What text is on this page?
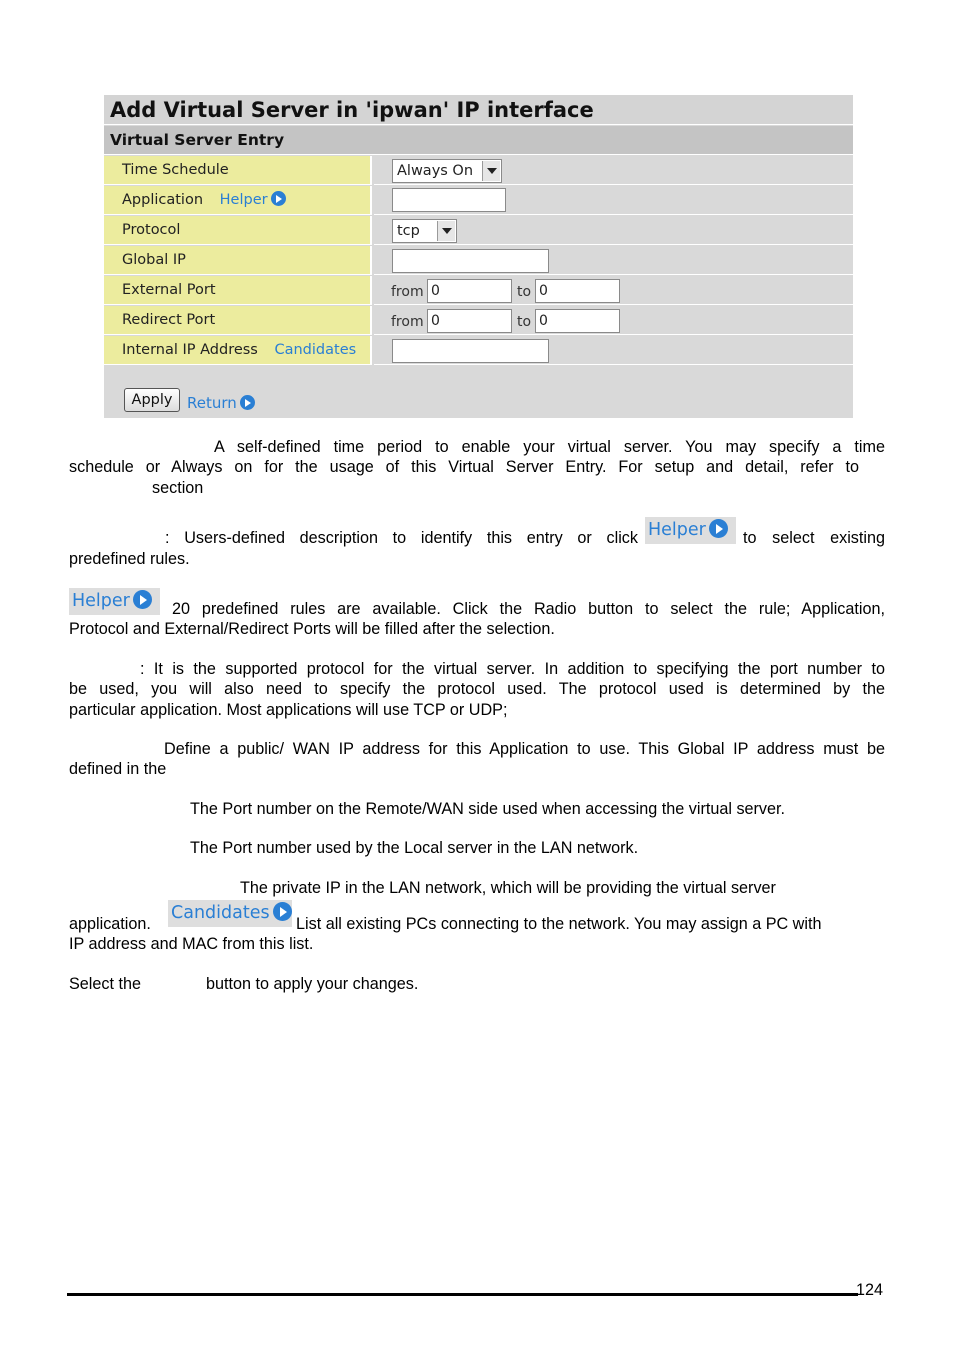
Add Virtual Server in 'ipwan' IP interface
Virtual Server Entry
Time Schedule	Always On
Application Helper
Protocol	tcp
Global IP
External Port	from 0	to 0
Redirect Port	from 0	to 0
Internal IP Address Candidates
Apply Return
A self-defined time period to enable your virtual server. You may specify a time
schedule or Always on for the usage of this Virtual Server Entry. For setup and detail, refer to
section
: Users-defined description to identify this entry or click Helper	to select existing
predefined rules.
Helper	20 predefined rules are available. Click the Radio button to select the rule; Application,
Protocol and External/Redirect Ports will be filled after the selection.
: It is the supported protocol for the virtual server. In addition to specifying the port number to
be used, you will also need to specify the protocol used. The protocol used is determined by the
particular application. Most applications will use TCP or UDP;
Define a public/ WAN IP address for this Application to use. This Global IP address must be
defined in the
The Port number on the Remote/WAN side used when accessing the virtual server.
The Port number used by the Local server in the LAN network.
The private IP in the LAN network, which will be providing the virtual server
application.
Candidates
List all existing PCs connecting to the network. You may assign a PC with
IP address and MAC from this list.
Select the	button to apply your changes.
124
